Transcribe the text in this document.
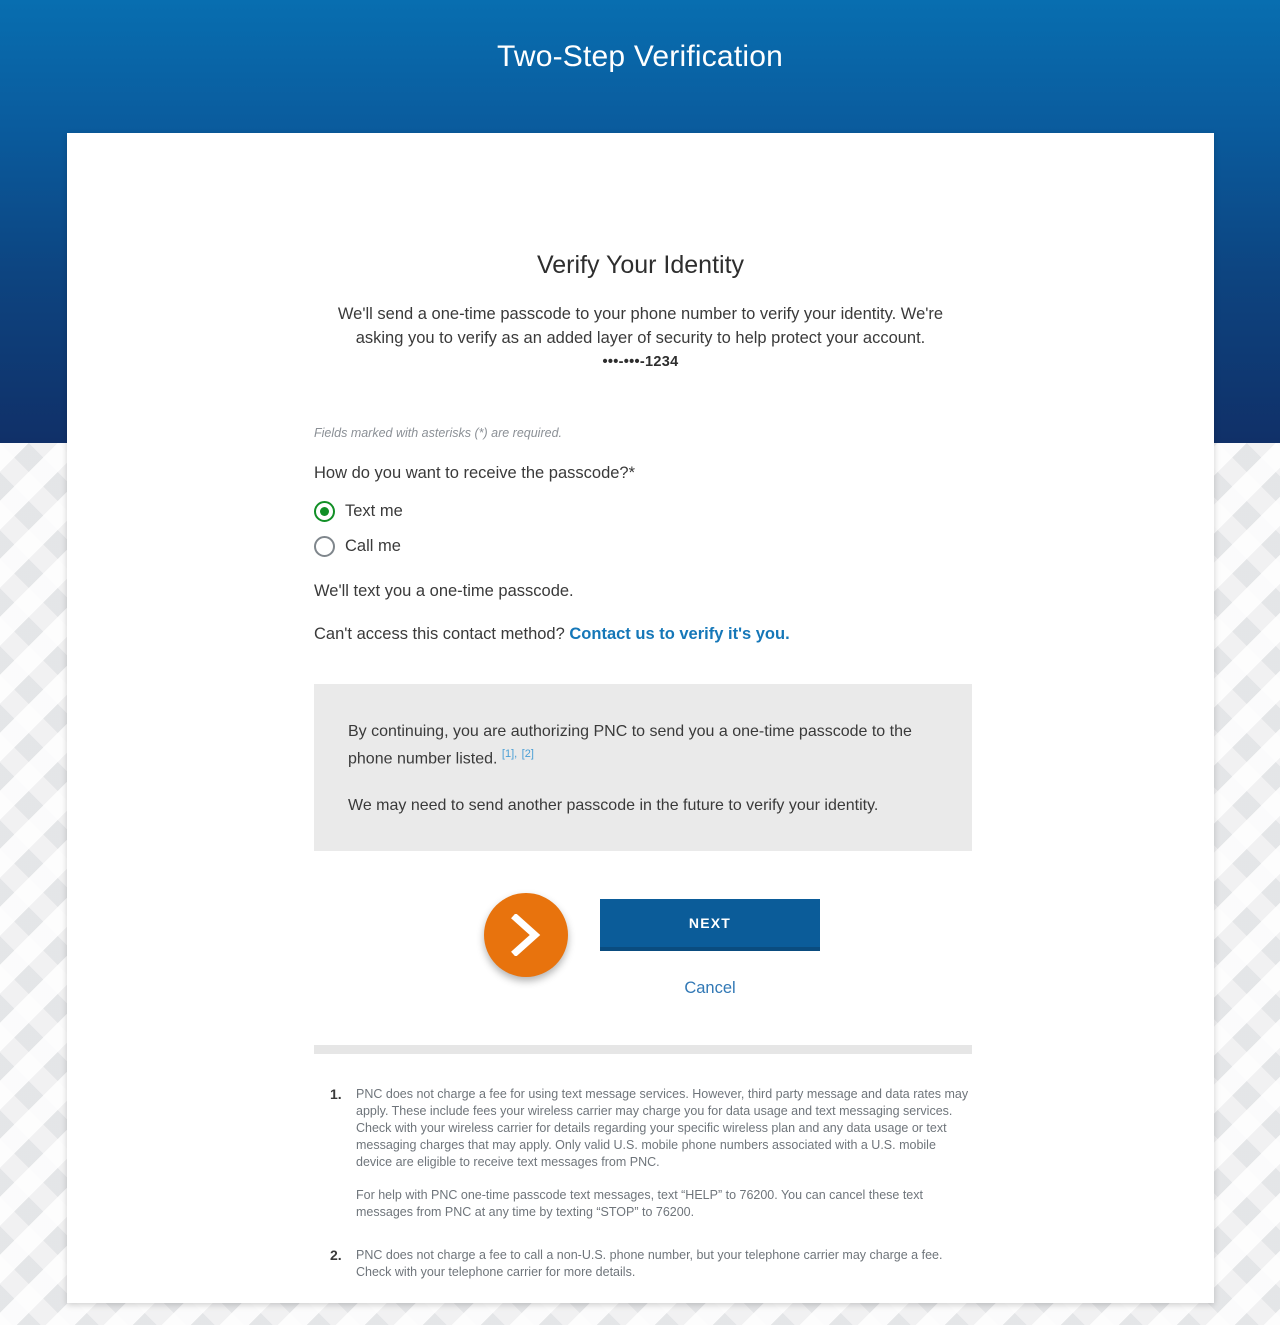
Two-Step Verification
Verify Your Identity

We'll send a one-time passcode to your phone number to verify your identity. We're asking you to verify as an added layer of security to help protect your account.

•••-•••-1234
Fields marked with asterisks (*) are required.
How do you want to receive the passcode?*
Text me
Call me
We'll text you a one-time passcode.
Can't access this contact method? Contact us to verify it's you.

By continuing, you are authorizing PNC to send you a one-time passcode to the phone number listed. $^{[1],}$ [2]

We may need to send another passcode in the future to verify your identity.

NEXT
Cancel
1.	PNC does not charge a fee for using text message services. However, third party message and data rates may apply. These include fees your wireless carrier may charge you for data usage and text messaging services. Check with your wireless carrier for details regarding your specific wireless plan and any data usage or text messaging charges that may apply. Only valid U.S. mobile phone numbers associated with a U.S. mobile device are eligible to receive text messages from PNC.

For help with PNC one-time passcode text messages, text “HELP” to 76200. You can cancel these text messages from PNC at any time by texting “STOP” to 76200.

2.	PNC does not charge a fee to call a non-U.S. phone number, but your telephone carrier may charge a fee. Check with your telephone carrier for more details.
